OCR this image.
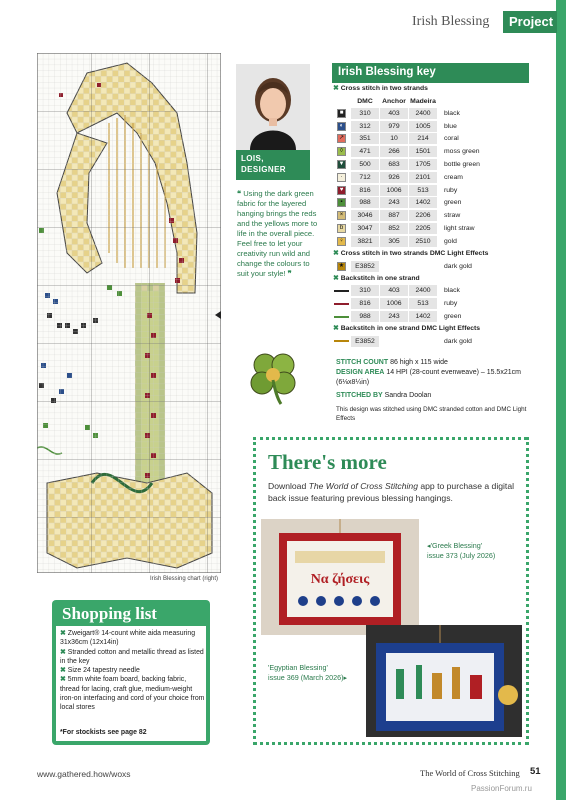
Irish Blessing	Project
Irish Blessing chart (right)
LOIS,
DESIGNER
❝ Using the dark green fabric for the layered hanging brings the reds and the yellows more to life in the overall piece. Feel free to let your creativity run wild and change the colours to suit your style! ❞
Irish Blessing key
✖ Cross stitch in two strands
DMC	Anchor Madeira
■	310	403	2400	black
◐	312	979	1005	blue
↗	351	10	214	coral
◊	471	266	1501	moss green
▼	500	683	1705	bottle green
·	712	926	2101	cream
♥	816	1006	513	ruby
▪	988	243	1402	green
×	3046	887	2206	straw
b	3047	852	2205	light straw
♀	3821	305	2510	gold
✖ Cross stitch in two strands DMC Light Effects
★	E3852	dark gold
✖ Backstitch in one strand
310	403	2400	black
816	1006	513	ruby
988	243	1402	green
✖ Backstitch in one strand DMC Light Effects
E3852	dark gold
STITCH COUNT 86 high x 115 wide
DESIGN AREA 14 HPI (28-count evenweave) – 15.5x21cm (6⅛x8¼in)
STITCHED BY Sandra Doolan
This design was stitched using DMC stranded cotton and DMC Light Effects
There's more
Download The World of Cross Stitching app to purchase a digital back issue featuring previous blessing hangings.
Να ζήσεις
◂'Greek Blessing'
issue 373 (July 2026)
'Egyptian Blessing'
issue 369 (March 2026)▸
Shopping list
✖ Zweigart® 14-count white aida measuring 31x36cm (12x14in)
✖ Stranded cotton and metallic thread as listed in the key
✖ Size 24 tapestry needle
✖ 5mm white foam board, backing fabric, thread for lacing, craft glue, medium-weight iron-on interfacing and cord of your choice from local stores
*For stockists see page 82
www.gathered.how/woxs	The World of Cross Stitching 51
PassionForum.ru
